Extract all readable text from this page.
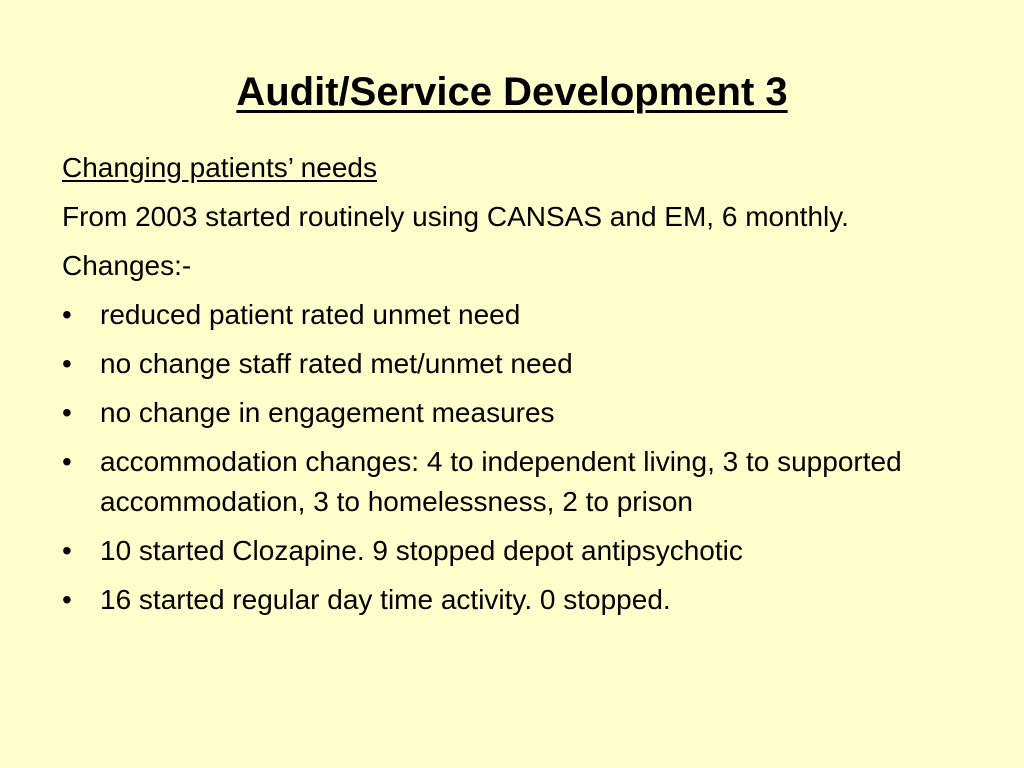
Audit/Service Development 3

Changing patients’ needs

From 2003 started routinely using CANSAS and EM, 6 monthly.

Changes:-

•	reduced patient rated unmet need
•	no change staff rated met/unmet need
•	no change in engagement measures
•	accommodation changes: 4 to independent living, 3 to supported accommodation, 3 to homelessness, 2 to prison
•	10 started Clozapine. 9 stopped depot antipsychotic
•	16 started regular day time activity. 0 stopped.
